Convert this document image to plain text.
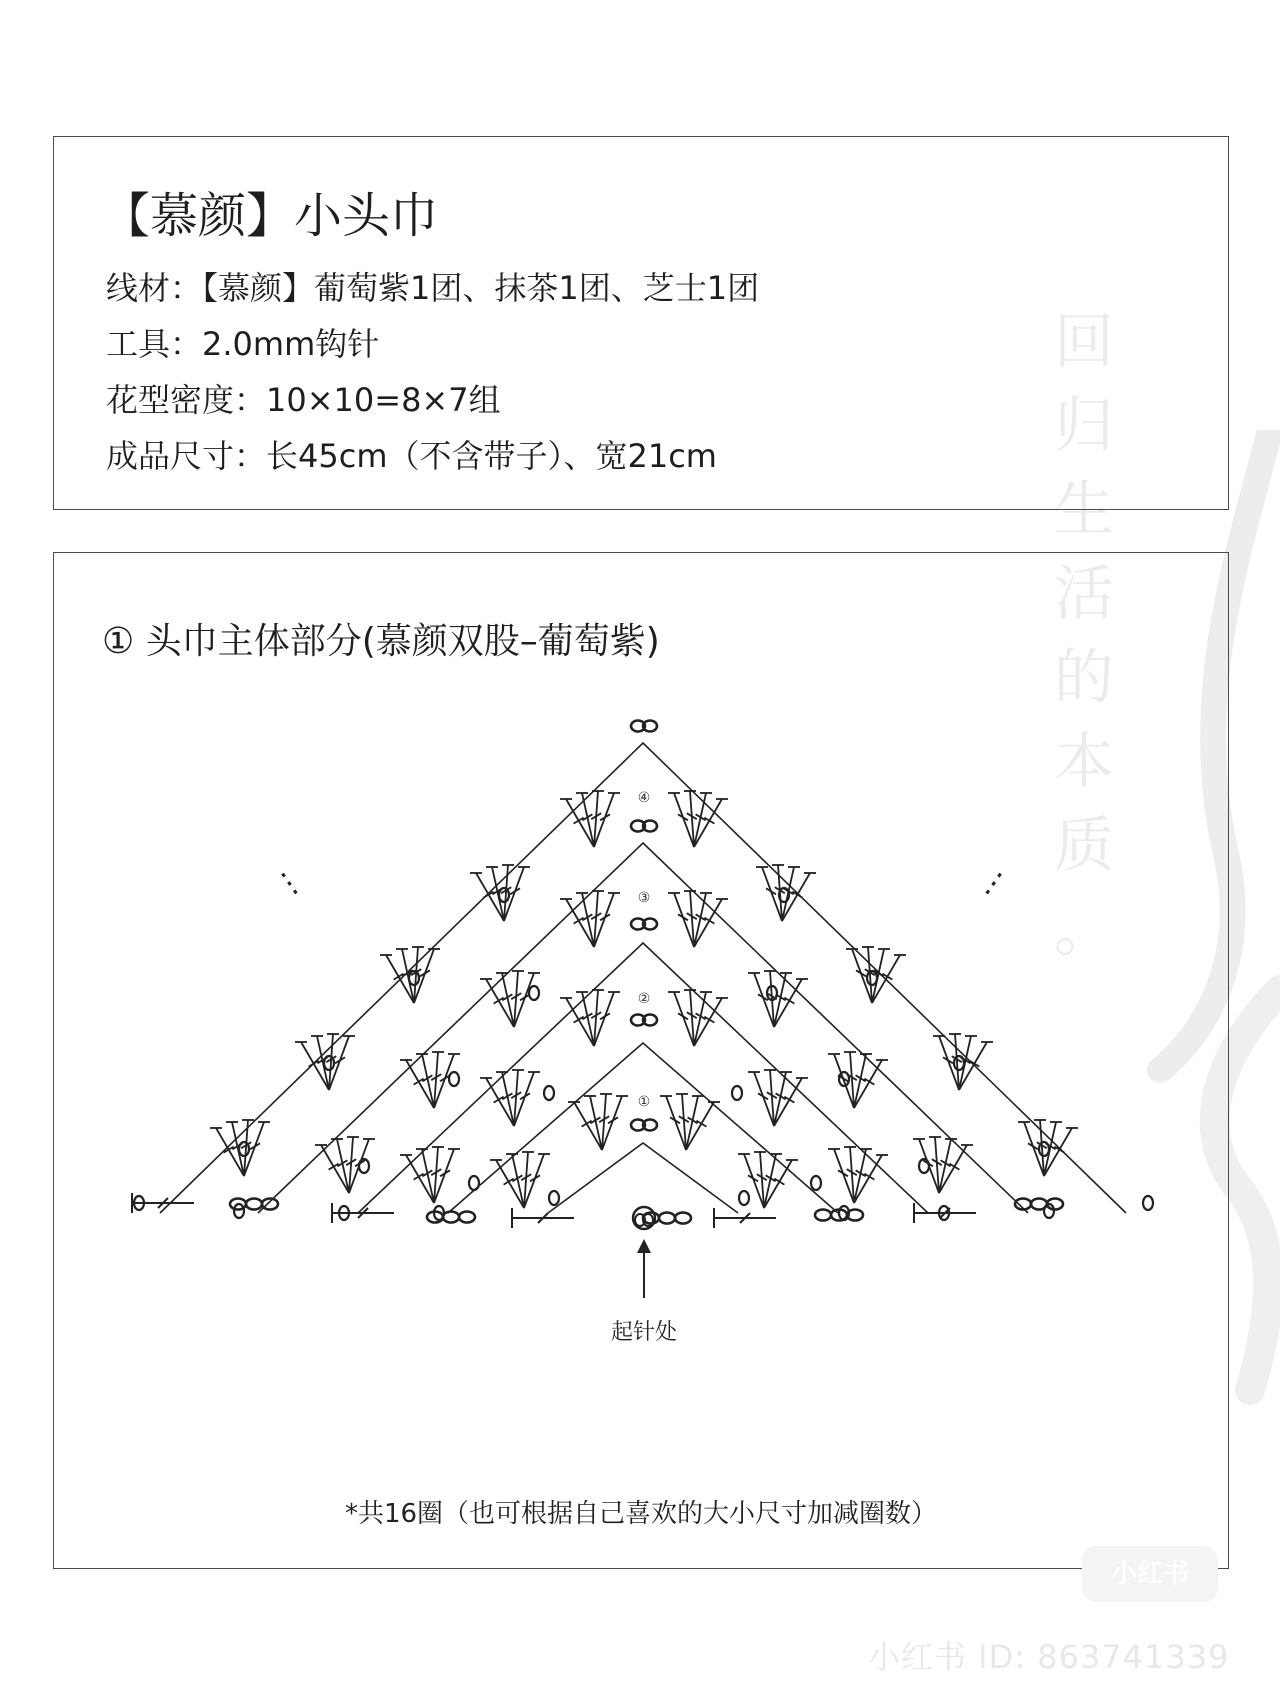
回
归
生
活
的
本
质
。
【慕颜】小头巾
线材：【慕颜】葡萄紫1团、抹茶1团、芝士1团
工具：2.0mm钩针
花型密度：10×10=8×7组
成品尺寸：长45cm（不含带子）、宽21cm
① 头巾主体部分(慕颜双股–葡萄紫)
①
②
③
④
起针处
⋮	⋮
*共16圈（也可根据自己喜欢的大小尺寸加减圈数）
小红书
小红书 ID: 863741339
